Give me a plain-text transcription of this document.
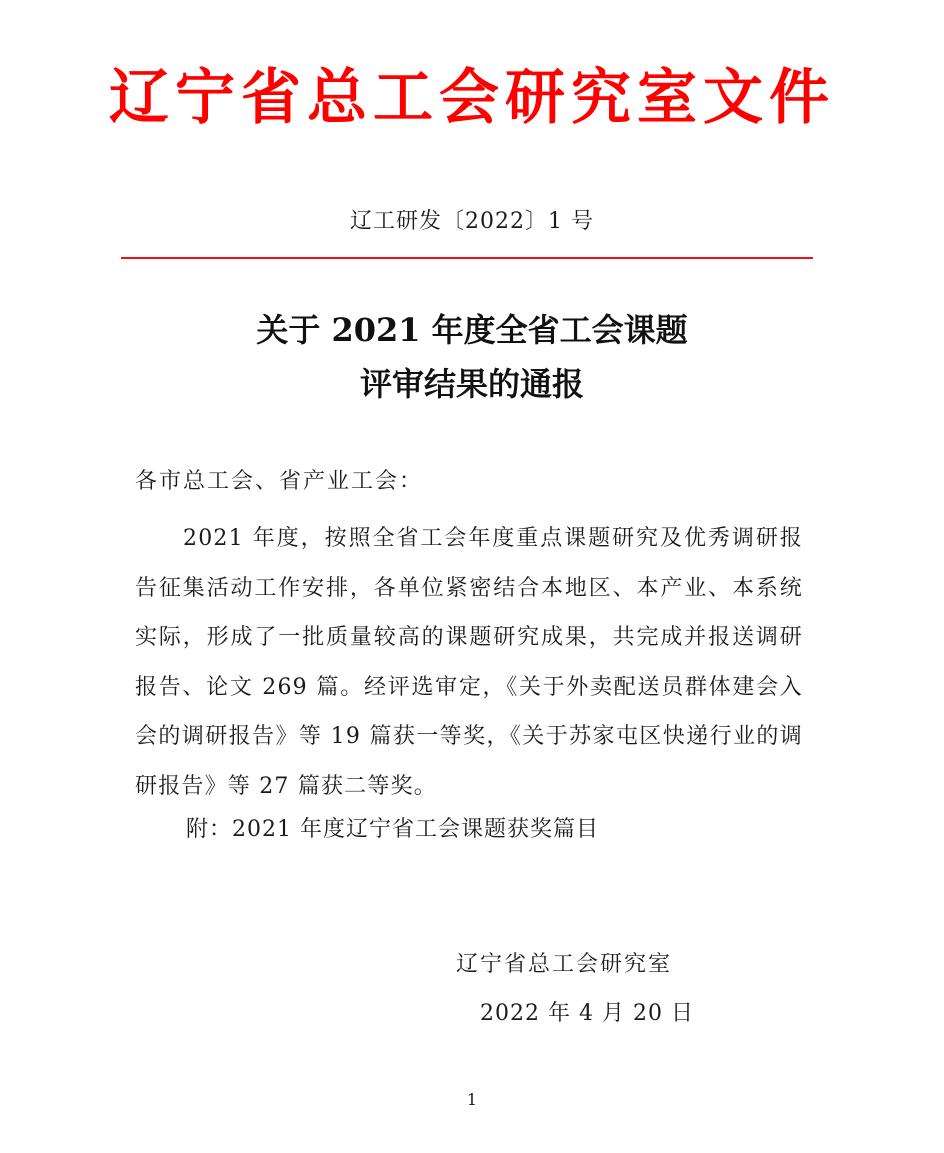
辽宁省总工会研究室文件
辽工研发〔2022〕1 号
关于 2021 年度全省工会课题
评审结果的通报
各市总工会、省产业工会：
2021 年度，按照全省工会年度重点课题研究及优秀调研报告征集活动工作安排，各单位紧密结合本地区、本产业、本系统实际，形成了一批质量较高的课题研究成果，共完成并报送调研报告、论文 269 篇。经评选审定，《关于外卖配送员群体建会入会的调研报告》等 19 篇获一等奖，《关于苏家屯区快递行业的调研报告》等 27 篇获二等奖。
附：2021 年度辽宁省工会课题获奖篇目
辽宁省总工会研究室
2022 年 4 月 20 日
1
